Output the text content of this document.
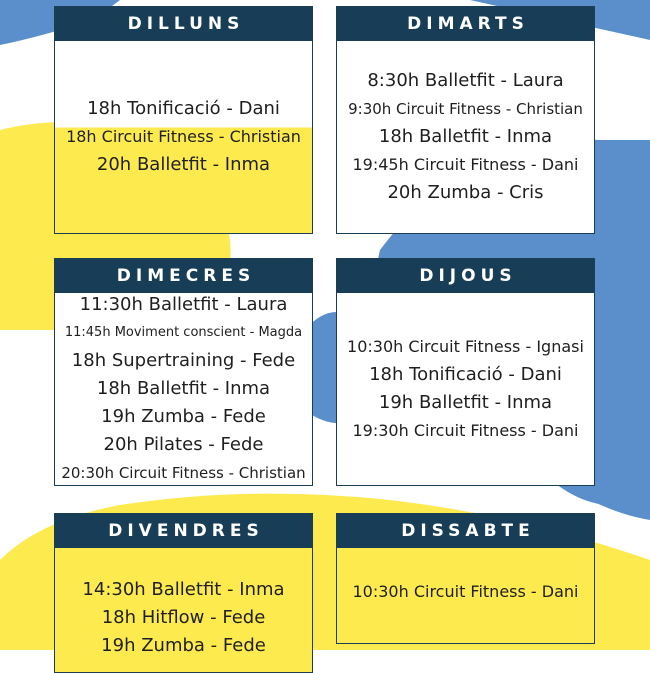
DILLUNS
18h Tonificació - Dani
18h Circuit Fitness - Christian
20h Balletfit - Inma
DIMARTS
8:30h Balletfit - Laura
9:30h Circuit Fitness - Christian
18h Balletfit - Inma
19:45h Circuit Fitness - Dani
20h Zumba - Cris
DIMECRES
11:30h Balletfit - Laura
11:45h Moviment conscient - Magda
18h Supertraining - Fede
18h Balletfit - Inma
19h Zumba - Fede
20h Pilates - Fede
20:30h Circuit Fitness - Christian
DIJOUS
10:30h Circuit Fitness - Ignasi
18h Tonificació - Dani
19h Balletfit - Inma
19:30h Circuit Fitness - Dani
DIVENDRES
14:30h Balletfit - Inma
18h Hitflow - Fede
19h Zumba - Fede
DISSABTE
10:30h Circuit Fitness - Dani
